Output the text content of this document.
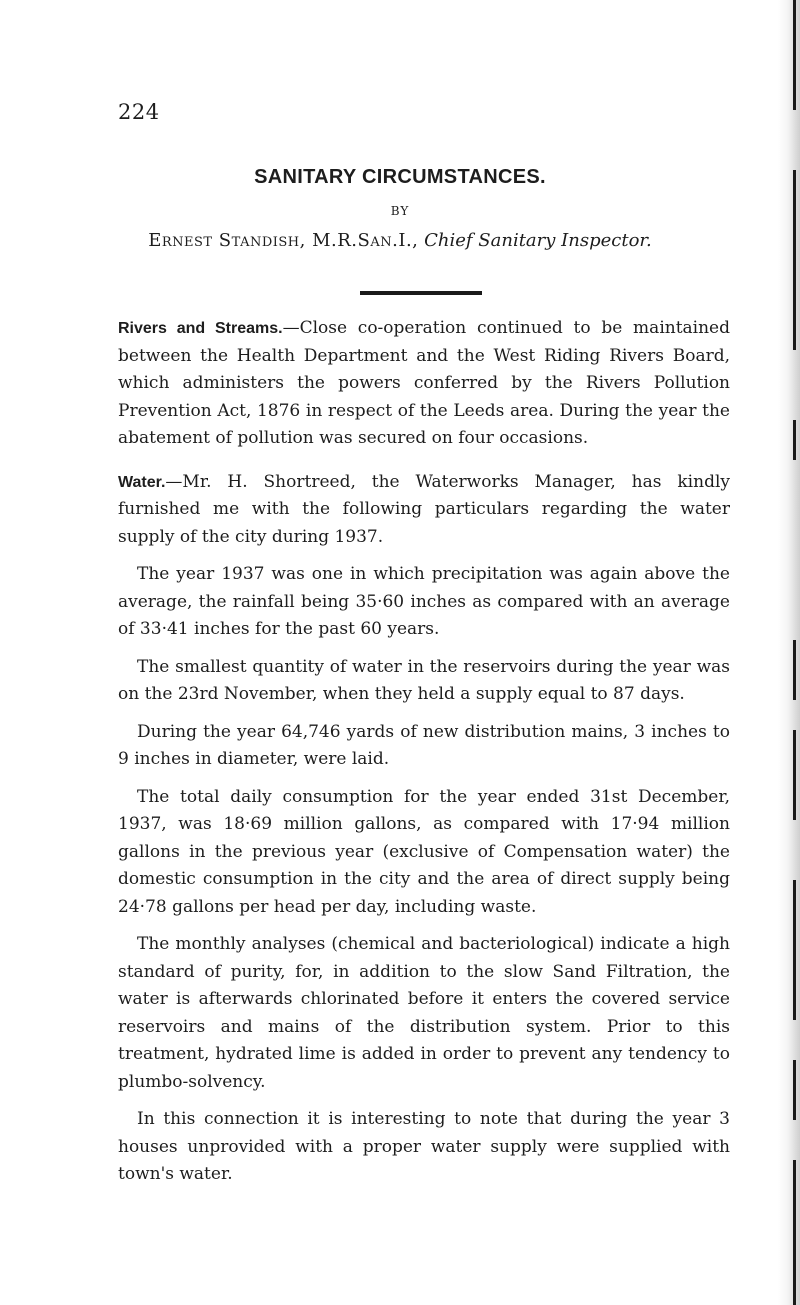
224
SANITARY CIRCUMSTANCES.
BY
Ernest Standish, M.R.San.I., Chief Sanitary Inspector.

Rivers and Streams.—Close co-operation continued to be maintained between the Health Department and the West Riding Rivers Board, which administers the powers conferred by the Rivers Pollution Prevention Act, 1876 in respect of the Leeds area. During the year the abatement of pollution was secured on four occasions.

Water.—Mr. H. Shortreed, the Waterworks Manager, has kindly furnished me with the following particulars regarding the water supply of the city during 1937.

The year 1937 was one in which precipitation was again above the average, the rainfall being 35·60 inches as compared with an average of 33·41 inches for the past 60 years.

The smallest quantity of water in the reservoirs during the year was on the 23rd November, when they held a supply equal to 87 days.

During the year 64,746 yards of new distribution mains, 3 inches to 9 inches in diameter, were laid.

The total daily consumption for the year ended 31st December, 1937, was 18·69 million gallons, as compared with 17·94 million gallons in the previous year (exclusive of Compensation water) the domestic consumption in the city and the area of direct supply being 24·78 gallons per head per day, including waste.

The monthly analyses (chemical and bacteriological) indicate a high standard of purity, for, in addition to the slow Sand Filtration, the water is afterwards chlorinated before it enters the covered service reservoirs and mains of the distribution system. Prior to this treatment, hydrated lime is added in order to prevent any tendency to plumbo-solvency.

In this connection it is interesting to note that during the year 3 houses unprovided with a proper water supply were supplied with town's water.
